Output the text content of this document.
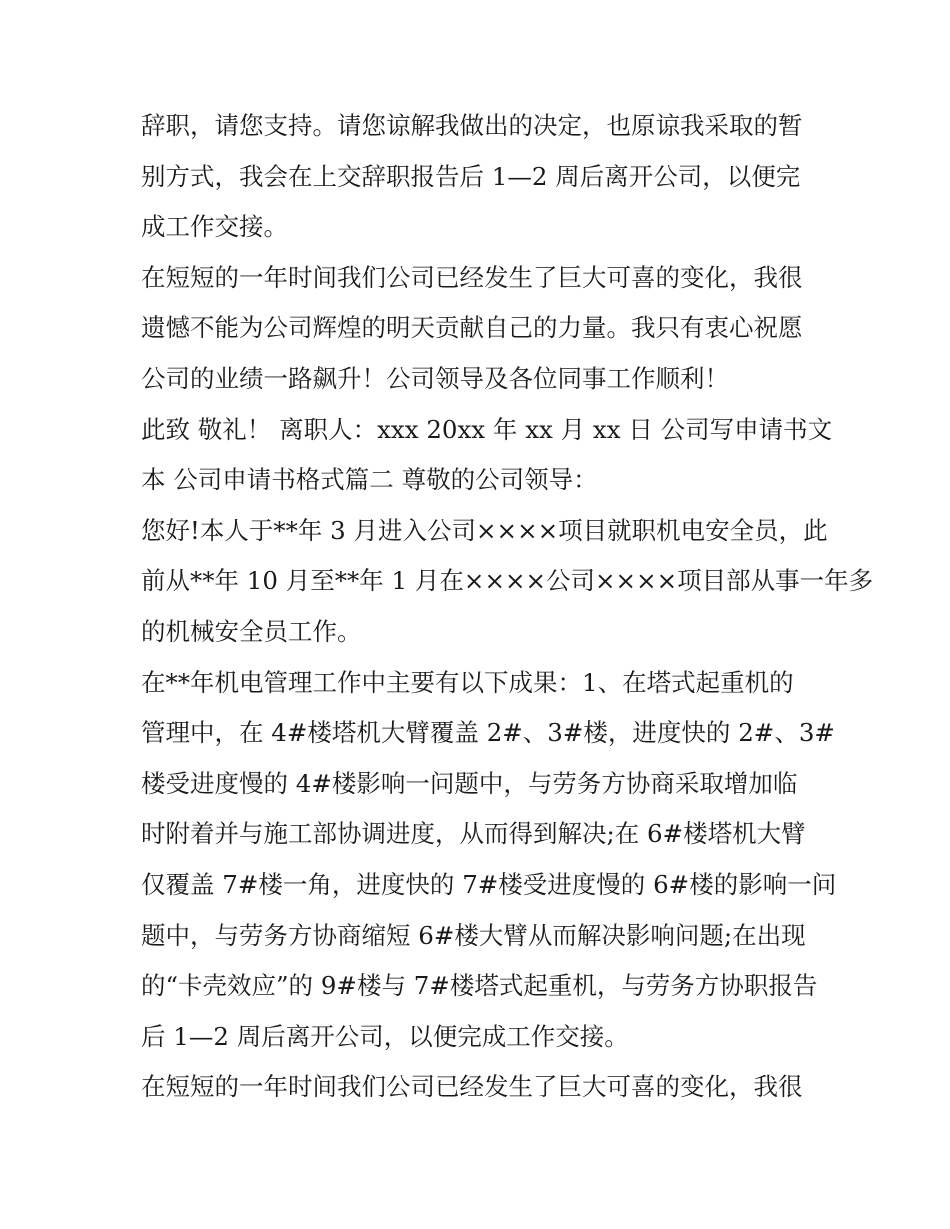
辞职，请您支持。请您谅解我做出的决定，也原谅我采取的暂
别方式，我会在上交辞职报告后 1—2 周后离开公司，以便完
成工作交接。
在短短的一年时间我们公司已经发生了巨大可喜的变化，我很
遗憾不能为公司辉煌的明天贡献自己的力量。我只有衷心祝愿
公司的业绩一路飙升！公司领导及各位同事工作顺利！
此致 敬礼！ 离职人：xxx 20xx 年 xx 月 xx 日 公司写申请书文
本 公司申请书格式篇二 尊敬的公司领导：
您好!本人于**年 3 月进入公司××××项目就职机电安全员，此
前从**年 10 月至**年 1 月在××××公司××××项目部从事一年多
的机械安全员工作。
在**年机电管理工作中主要有以下成果：1、在塔式起重机的
管理中，在 4#楼塔机大臂覆盖 2#、3#楼，进度快的 2#、3#
楼受进度慢的 4#楼影响一问题中，与劳务方协商采取增加临
时附着并与施工部协调进度，从而得到解决;在 6#楼塔机大臂
仅覆盖 7#楼一角，进度快的 7#楼受进度慢的 6#楼的影响一问
题中，与劳务方协商缩短 6#楼大臂从而解决影响问题;在出现
的“卡壳效应”的 9#楼与 7#楼塔式起重机，与劳务方协职报告
后 1—2 周后离开公司，以便完成工作交接。
在短短的一年时间我们公司已经发生了巨大可喜的变化，我很
